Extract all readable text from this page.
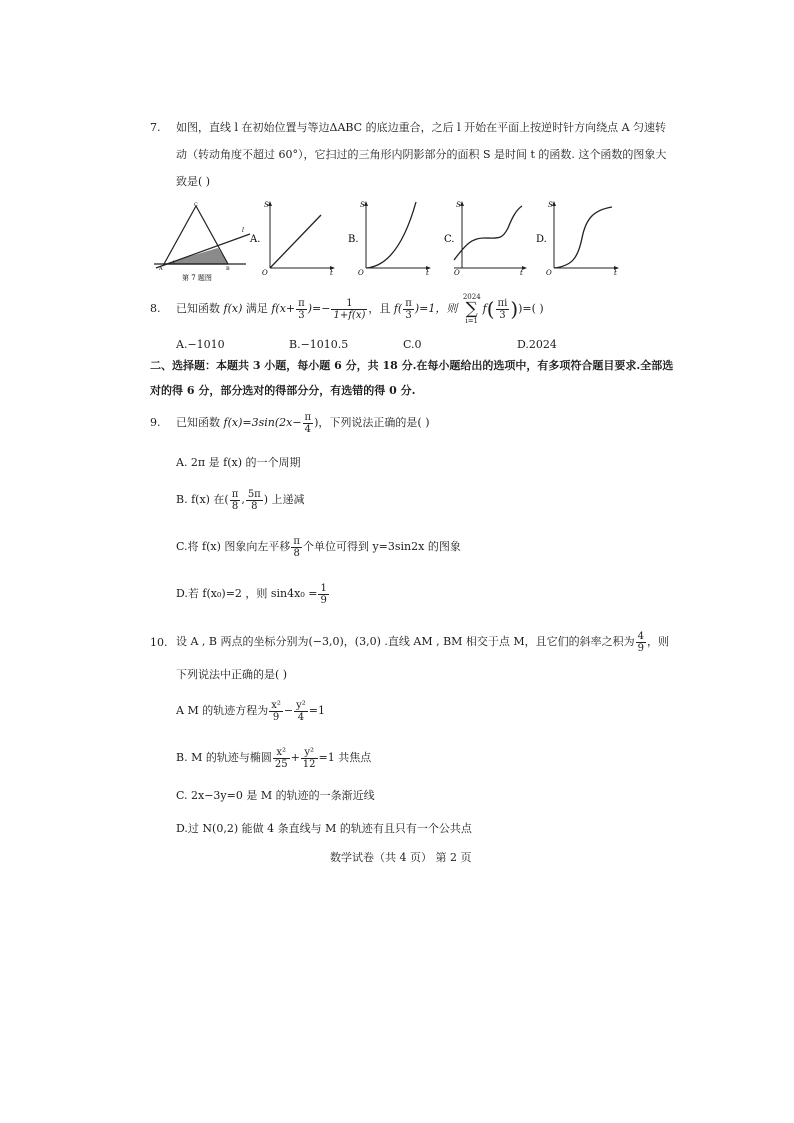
7. 如图，直线 l 在初始位置与等边ΔABC 的底边重合，之后 l 开始在平面上按逆时针方向绕点 A 匀速转
动（转动角度不超过 60°），它扫过的三角形内阴影部分的面积 S 是时间 t 的函数. 这个函数的图象大
致是( )
C
A	B
l
第 7 题图
A.
S
O	t
B.
S
O	t
C.
S
O	t
D.
S
O	t
8. 已知函数 f(x) 满足 $f(x+ \frac{\pi}{3}$ )=− $\frac{1}{1+f(x)}$ ，且 $f( \frac{\pi}{3} )=1$，则 2024
∑
$i=1f( \frac{\pi i}{3}$ ))=( )
A.−1010	B.−1010.5	C.0	D.2024
二、选择题：本题共 3 小题，每小题 6 分，共 18 分.在每小题给出的选项中，有多项符合题目要求.全部选
对的得 6 分，部分选对的得部分分，有选错的得 0 分.
9. 已知函数 $f(x)=3\sin(2x- \frac{\pi}{4}$ )，下列说法正确的是( )
A. 2π 是 f(x) 的一个周期
B. f(x) 在( $\frac{\pi}{8}$ , $\frac{5\pi}{8}$ ) 上递减
C.将 f(x) 图象向左平移 $\frac{\pi}{8}$ 个单位可得到 y=3sin2x 的图象
D.若 f(x₀)=2 ，则 $\sin 4x_0 = \frac{1}{9}$
10. 设 A , B 两点的坐标分别为(−3,0)，(3,0) .直线 AM , BM 相交于点 M，且它们的斜率之积为 $\frac{4}{9}$ ，则
下列说法中正确的是( )
A M 的轨迹方程为 $\frac{\text{x²}}{9} - \frac{\text{y²}}{4} =1$
B. M 的轨迹与椭圆 $\frac{\text{x²}}{25} + \frac{\text{y²}}{12} =1$ 共焦点
C. 2x−3y=0 是 M 的轨迹的一条渐近线
D.过 N(0,2) 能做 4 条直线与 M 的轨迹有且只有一个公共点
数学试卷（共 4 页） 第 2 页
